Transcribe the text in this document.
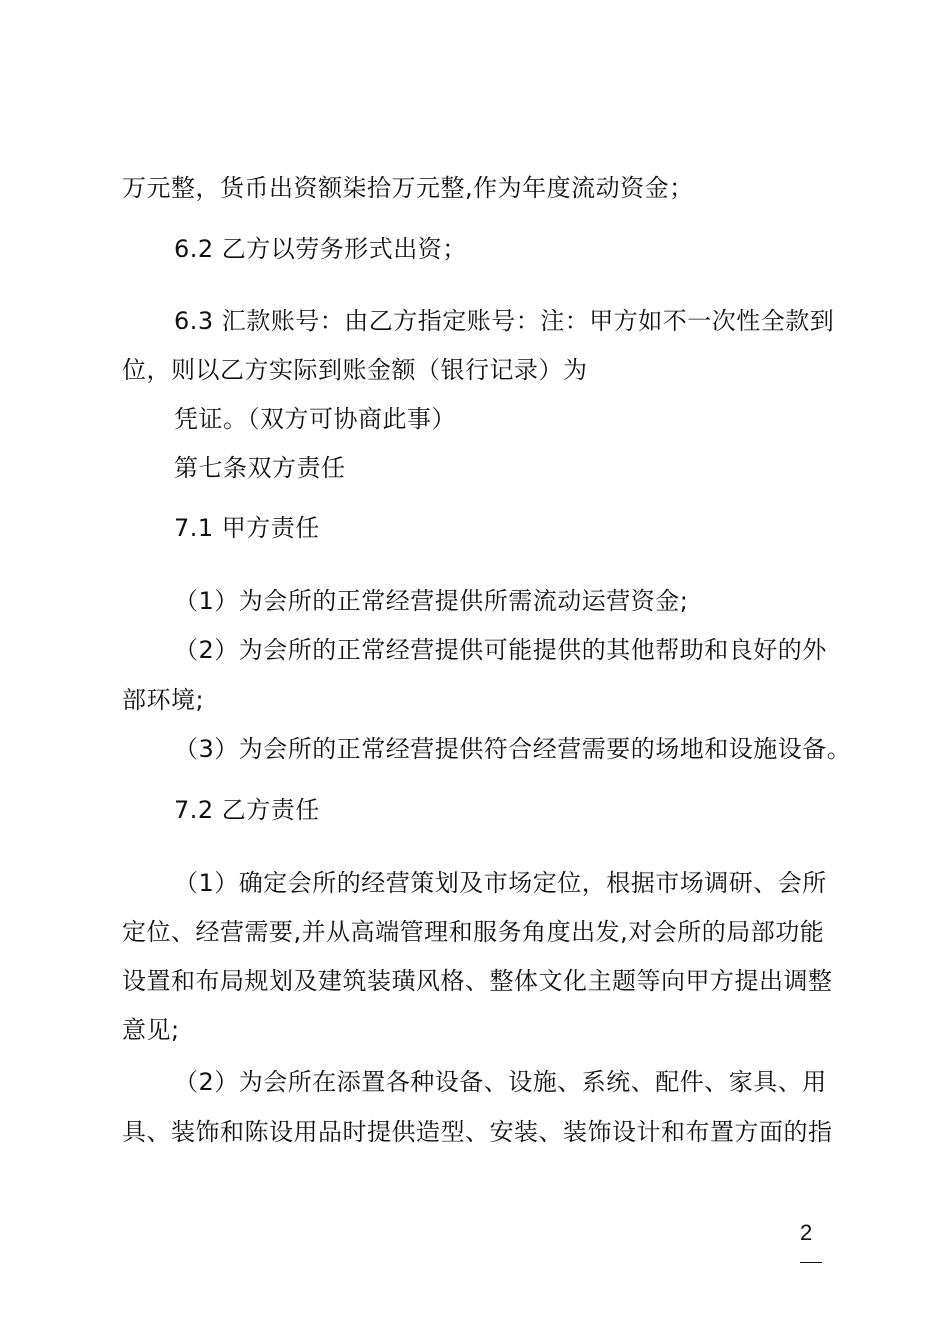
万元整，货币出资额柒拾万元整,作为年度流动资金；
6.2 乙方以劳务形式出资；
6.3 汇款账号：由乙方指定账号：注：甲方如不一次性全款到
位，则以乙方实际到账金额（银行记录）为
凭证。（双方可协商此事）
第七条双方责任
7.1 甲方责任
（1）为会所的正常经营提供所需流动运营资金;
（2）为会所的正常经营提供可能提供的其他帮助和良好的外
部环境;
（3）为会所的正常经营提供符合经营需要的场地和设施设备。
7.2 乙方责任
（1）确定会所的经营策划及市场定位，根据市场调研、会所
定位、经营需要,并从高端管理和服务角度出发,对会所的局部功能
设置和布局规划及建筑装璜风格、整体文化主题等向甲方提出调整
意见;
（2）为会所在添置各种设备、设施、系统、配件、家具、用
具、装饰和陈设用品时提供造型、安装、装饰设计和布置方面的指
2
